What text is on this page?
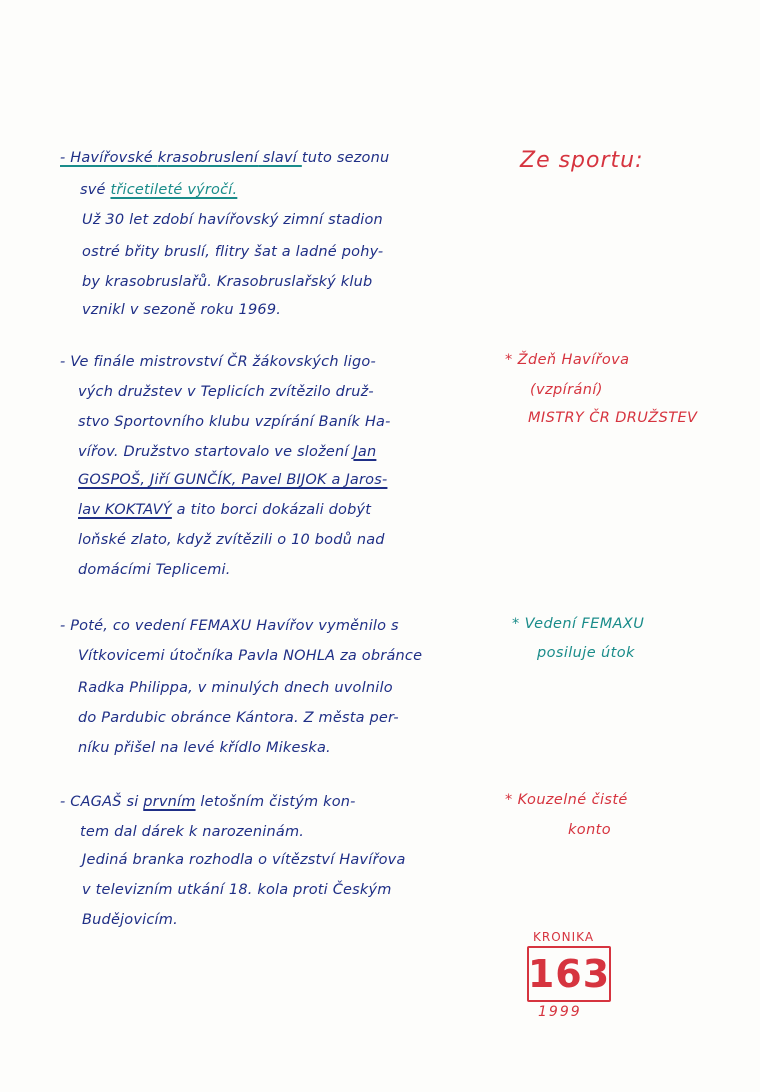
- Havířovské krasobruslení slaví tuto sezonu
své třicetileté výročí.
Už 30 let zdobí havířovský zimní stadion
ostré břity bruslí, flitry šat a ladné pohy-
by krasobruslařů. Krasobruslařský klub
vznikl v sezoně roku 1969.
- Ve finále mistrovství ČR žákovských ligo-
vých družstev v Teplicích zvítězilo druž-
stvo Sportovního klubu vzpírání Baník Ha-
vířov. Družstvo startovalo ve složení Jan
GOSPOŠ, Jiří GUNČÍK, Pavel BIJOK a Jaros-
lav KOKTAVÝ a tito borci dokázali dobýt
loňské zlato, když zvítězili o 10 bodů nad
domácími Teplicemi.
- Poté, co vedení FEMAXU Havířov vyměnilo s
Vítkovicemi útočníka Pavla NOHLA za obránce
Radka Philippa, v minulých dnech uvolnilo
do Pardubic obránce Kántora. Z města per-
níku přišel na levé křídlo Mikeska.
- CAGAŠ si prvním letošním čistým kon-
tem dal dárek k narozeninám.
Jediná branka rozhodla o vítězství Havířova
v televizním utkání 18. kola proti Českým
Budějovicím.
Ze sportu:
* Ždeň Havířova
(vzpírání)
MISTRY ČR DRUŽSTEV
* Vedení FEMAXU
posiluje útok
* Kouzelné čisté
konto
KRONIKA
163
1999
